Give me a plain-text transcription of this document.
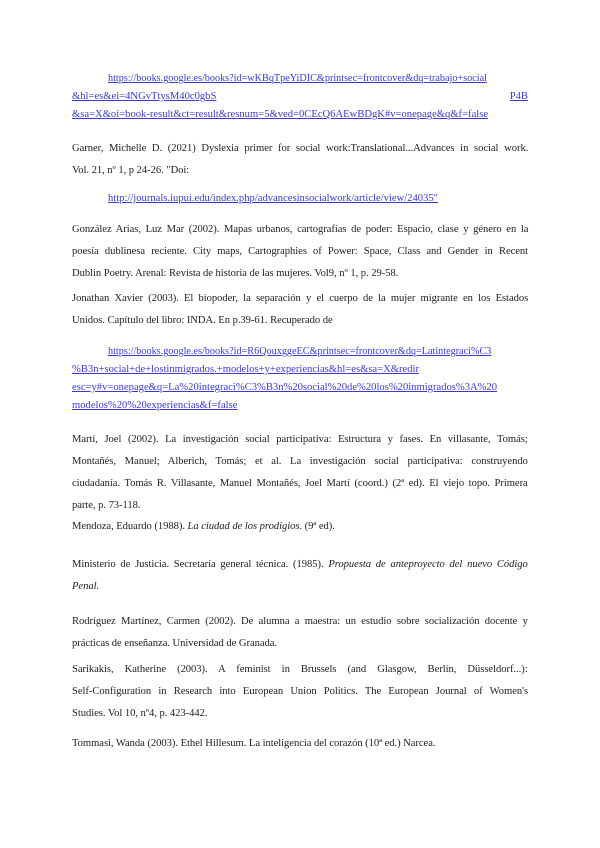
https://books.google.es/books?id=wKBqTpeYiDIC&printsec=frontcover&dq=trabajo+social
&hl=es&ei=4NGvTtysM40c0gbS	P4B
&sa=X&oi=book-result&ct=result&resnum=5&ved=0CEcQ6AEwBDgK#v=onepage&q&f=false
Garner, Michelle D. (2021) Dyslexia primer for social work:Translational...Advances in social work.
Vol. 21, nº 1, p 24-26. "Doi:
http://journals.iupui.edu/index.php/advancesinsocialwork/article/view/24035"
González Arias, Luz Mar (2002). Mapas urbanos, cartografías de poder: Espacio, clase y género en la
poesía dublinesa reciente. City maps, Cartographies of Power: Space, Class and Gender in Recent
Dublin Poetry. Arenal: Revista de historia de las mujeres. Vol9, nº 1, p. 29-58.
Jonathan Xavier (2003). El biopoder, la separación y el cuerpo de la mujer migrante en los Estados
Unidos. Capítulo del libro: INDA. En p.39-61. Recuperado de
https://books.google.es/books?id=R6QouxggeEC&printsec=frontcover&dq=Latintegraci%C3
%B3n+social+de+lostinmigrados.+modelos+y+experiencias&hl=es&sa=X&redir
esc=y#v=onepage&q=La%20integraci%C3%B3n%20social%20de%20los%20inmigrados%3A%20
modelos%20%20experiencias&f=false
Martí, Joel (2002). La investigación social participativa: Estructura y fases. En villasante, Tomás;
Montañés, Manuel; Alberich, Tomás; et al. La investigación social participativa: construyendo
ciudadanía. Tomás R. Villasante, Manuel Montañés, Joel Martí (coord.) (2ª ed). El viejo topo. Primera
parte, p. 73-118.
Mendoza, Eduardo (1988). La ciudad de los prodigios. (9ª ed).
Ministerio de Justicia. Secretaría general técnica. (1985). Propuesta de anteproyecto del nuevo Código
Penal.
Rodríguez Martínez, Carmen (2002). De alumna a maestra: un estudio sobre socialización docente y
prácticas de enseñanza. Universidad de Granada.
Sarikakis, Katherine (2003). A feminist in Brussels (and Glasgow, Berlin, Düsseldorf...):
Self-Configuration in Research into European Union Politics. The European Journal of Women's
Studies. Vol 10, nº4, p. 423-442.
Tommasi, Wanda (2003). Ethel Hillesum. La inteligencia del corazón (10ª ed.) Narcea.
